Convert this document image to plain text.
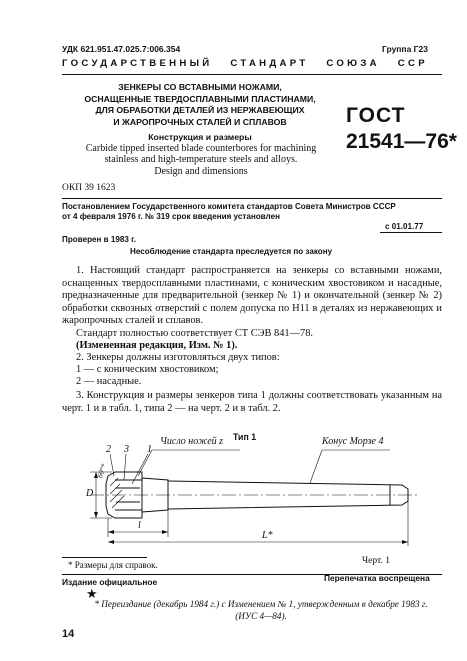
УДК 621.951.47.025.7:006.354	Группа Г23
ГОСУДАРСТВЕННЫЙ   СТАНДАРТ   СОЮЗА   ССР
ЗЕНКЕРЫ СО ВСТАВНЫМИ НОЖАМИ,
ОСНАЩЕННЫЕ ТВЕРДОСПЛАВНЫМИ ПЛАСТИНАМИ,
ДЛЯ ОБРАБОТКИ ДЕТАЛЕЙ ИЗ НЕРЖАВЕЮЩИХ
И ЖАРОПРОЧНЫХ СТАЛЕЙ И СПЛАВОВ
Конструкция и размеры
Carbide tipped inserted blade counterbores for machining
stainless and high-temperature steels and alloys.
Design and dimensions
ГОСТ
21541—76*
ОКП 39 1623
Постановлением Государственного комитета стандартов Совета Министров СССР
от 4 февраля 1976 г. № 319 срок введения установлен
с 01.01.77
Проверен в 1983 г.
Несоблюдение стандарта преследуется по закону
1. Настоящий стандарт распространяется на зенкеры со вставными ножами, оснащенных твердосплавными пластинами, с коническим хвостовиком и насадные, предназначенные для предварительной (зенкер № 1) и окончательной (зенкер № 2) обработки сквозных отверстий с полем допуска по Н11 в деталях из нержавеющих и жаропрочных сталей и сплавов.
Стандарт полностью соответствует СТ СЭВ 841—78.
(Измененная редакция, Изм. № 1).
2. Зенкеры должны изготовляться двух типов:
1 — с коническим хвостовиком;
2 — насадные.
3. Конструкция и размеры зенкеров типа 1 должны соответствовать указанным на черт. 1 и в табл. 1, типа 2 — на черт. 2 и в табл. 2.
Тип 1
2 3 1
Число ножей z	Конус Морзе 4
D
60°*
l
L*
* Размеры для справок.	Черт. 1
Издание официальное	Перепечатка воспрещена
★
* Переиздание (декабрь 1984 г.) с Изменением № 1, утвержденным в декабре 1983 г. (ИУС 4—84).
14
